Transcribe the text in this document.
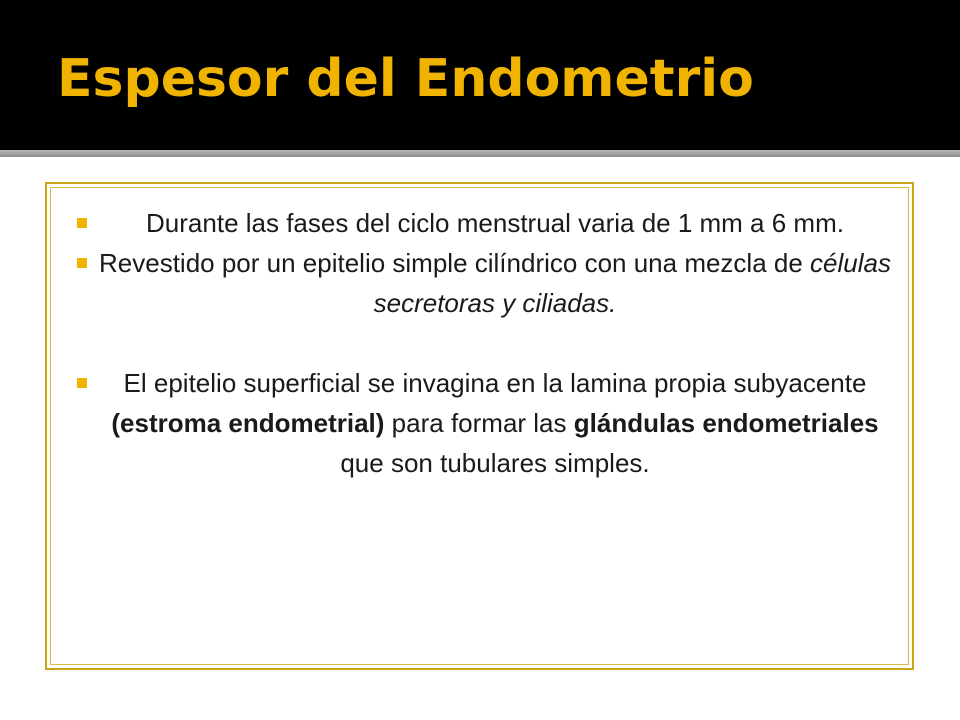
Espesor del Endometrio
Durante las fases del ciclo menstrual varia de 1 mm a 6 mm.
Revestido por un epitelio simple cilíndrico con una mezcla de células secretoras y ciliadas.
El epitelio superficial se invagina en la lamina propia subyacente (estroma endometrial) para formar las glándulas endometriales que son tubulares simples.
